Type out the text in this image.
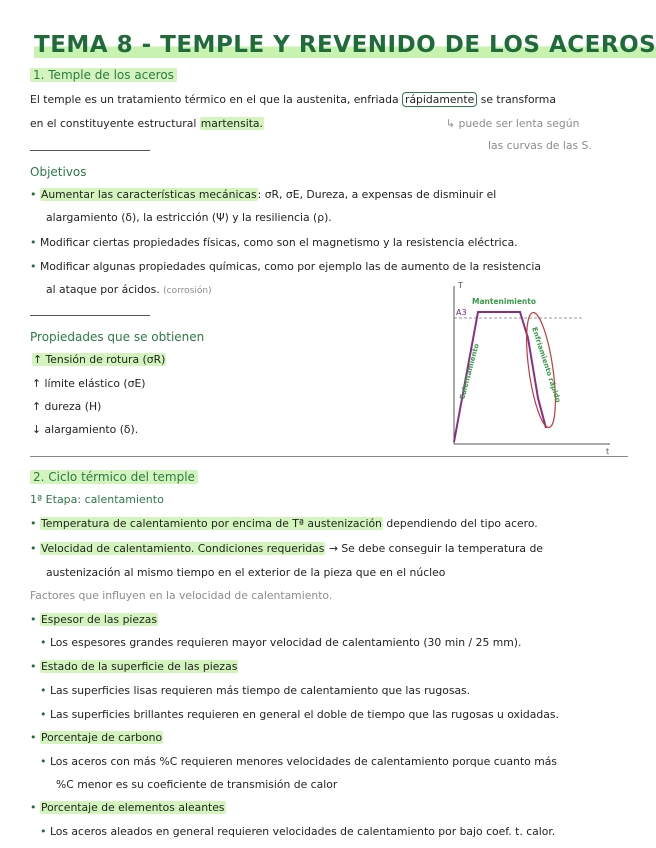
TEMA 8 - TEMPLE Y REVENIDO DE LOS ACEROS
1. Temple de los aceros
El temple es un tratamiento térmico en el que la austenita, enfriada rápidamente se transforma
en el constituyente estructural martensita.	↳ puede ser lenta según
las curvas de las S.
Objetivos
• Aumentar las características mecánicas: σR, σE, Dureza, a expensas de disminuir el
alargamiento (δ), la estricción (Ψ) y la resiliencia (ρ).
• Modificar ciertas propiedades físicas, como son el magnetismo y la resistencia eléctrica.
• Modificar algunas propiedades químicas, como por ejemplo las de aumento de la resistencia
al ataque por ácidos. (corrosión)
Propiedades que se obtienen
↑ Tensión de rotura (σR)
↑ límite elástico (σE)
↑ dureza (H)
↓ alargamiento (δ).
T
t
A3
Mantenimiento
Calentamiento	Enfriamiento rápido
2. Ciclo térmico del temple
1ª Etapa: calentamiento
• Temperatura de calentamiento por encima de Tª austenización dependiendo del tipo acero.
• Velocidad de calentamiento. Condiciones requeridas → Se debe conseguir la temperatura de
austenización al mismo tiempo en el exterior de la pieza que en el núcleo
Factores que influyen en la velocidad de calentamiento.
• Espesor de las piezas
• Los espesores grandes requieren mayor velocidad de calentamiento (30 min / 25 mm).
• Estado de la superficie de las piezas
• Las superficies lisas requieren más tiempo de calentamiento que las rugosas.
• Las superficies brillantes requieren en general el doble de tiempo que las rugosas u oxidadas.
• Porcentaje de carbono
• Los aceros con más %C requieren menores velocidades de calentamiento porque cuanto más
%C menor es su coeficiente de transmisión de calor
• Porcentaje de elementos aleantes
• Los aceros aleados en general requieren velocidades de calentamiento por bajo coef. t. calor.
